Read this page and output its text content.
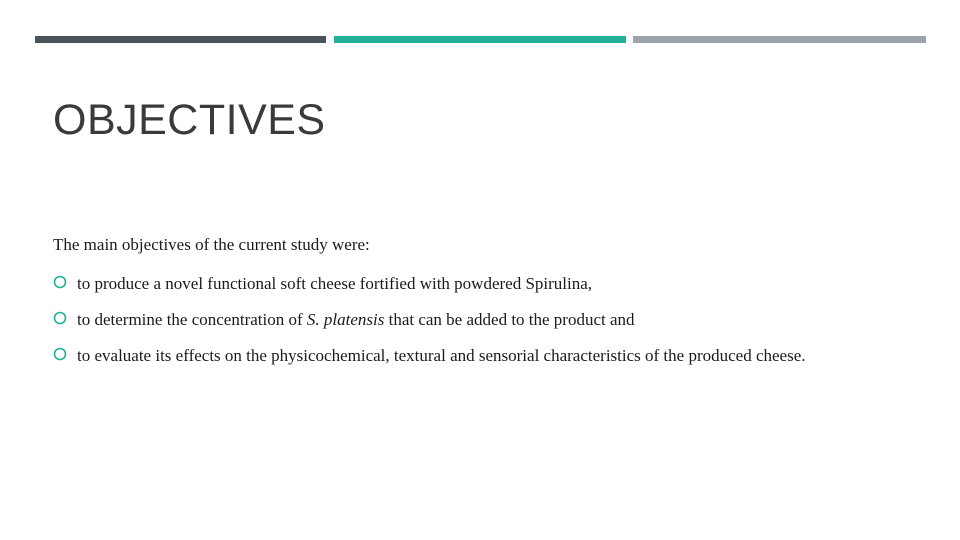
OBJECTIVES

The main objectives of the current study were:

to produce a novel functional soft cheese fortified with powdered Spirulina,
to determine the concentration of S. platensis that can be added to the product and
to evaluate its effects on the physicochemical, textural and sensorial characteristics of the produced cheese.
